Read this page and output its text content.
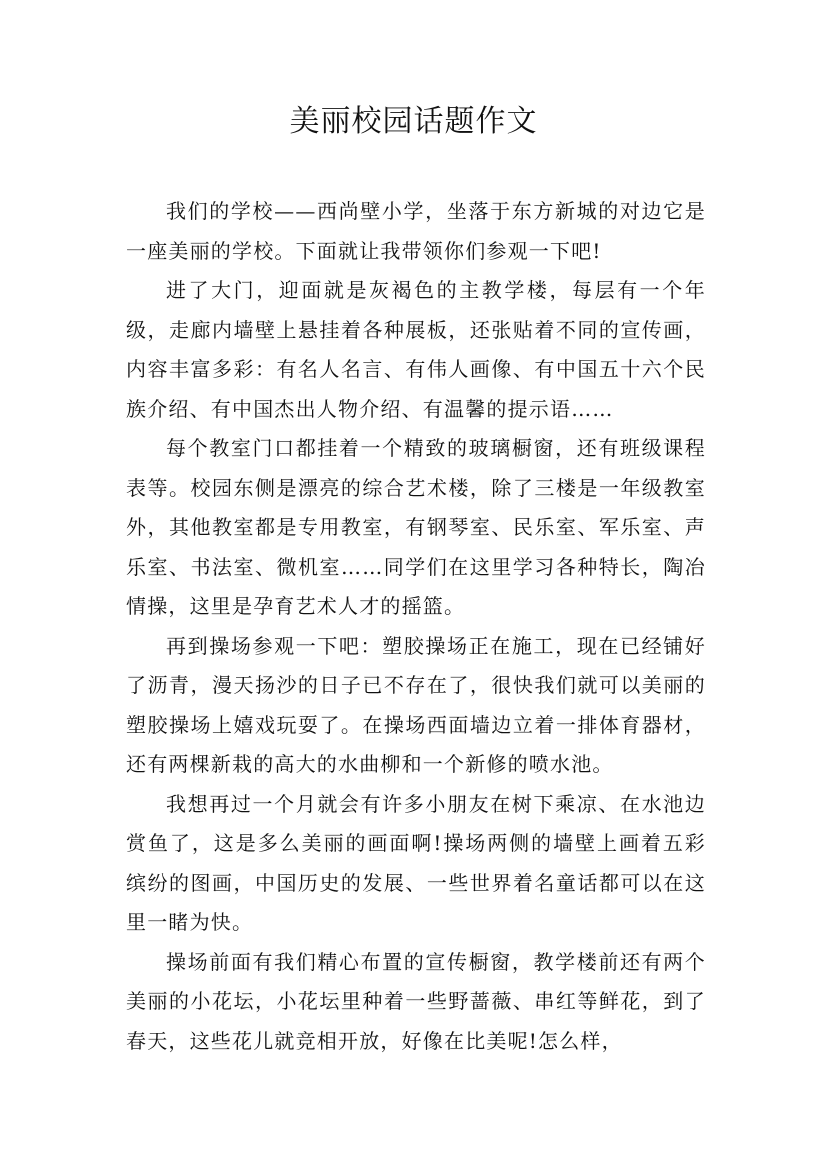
美丽校园话题作文

我们的学校——西尚壁小学，坐落于东方新城的对边它是一座美丽的学校。下面就让我带领你们参观一下吧!

进了大门，迎面就是灰褐色的主教学楼，每层有一个年级，走廊内墙壁上悬挂着各种展板，还张贴着不同的宣传画，内容丰富多彩：有名人名言、有伟人画像、有中国五十六个民族介绍、有中国杰出人物介绍、有温馨的提示语……

每个教室门口都挂着一个精致的玻璃橱窗，还有班级课程表等。校园东侧是漂亮的综合艺术楼，除了三楼是一年级教室外，其他教室都是专用教室，有钢琴室、民乐室、军乐室、声乐室、书法室、微机室……同学们在这里学习各种特长，陶冶情操，这里是孕育艺术人才的摇篮。

再到操场参观一下吧：塑胶操场正在施工，现在已经铺好了沥青，漫天扬沙的日子已不存在了，很快我们就可以美丽的塑胶操场上嬉戏玩耍了。在操场西面墙边立着一排体育器材，还有两棵新栽的高大的水曲柳和一个新修的喷水池。

我想再过一个月就会有许多小朋友在树下乘凉、在水池边赏鱼了，这是多么美丽的画面啊!操场两侧的墙壁上画着五彩缤纷的图画，中国历史的发展、一些世界着名童话都可以在这里一睹为快。

操场前面有我们精心布置的宣传橱窗，教学楼前还有两个美丽的小花坛，小花坛里种着一些野蔷薇、串红等鲜花，到了春天，这些花儿就竞相开放，好像在比美呢!怎么样，
